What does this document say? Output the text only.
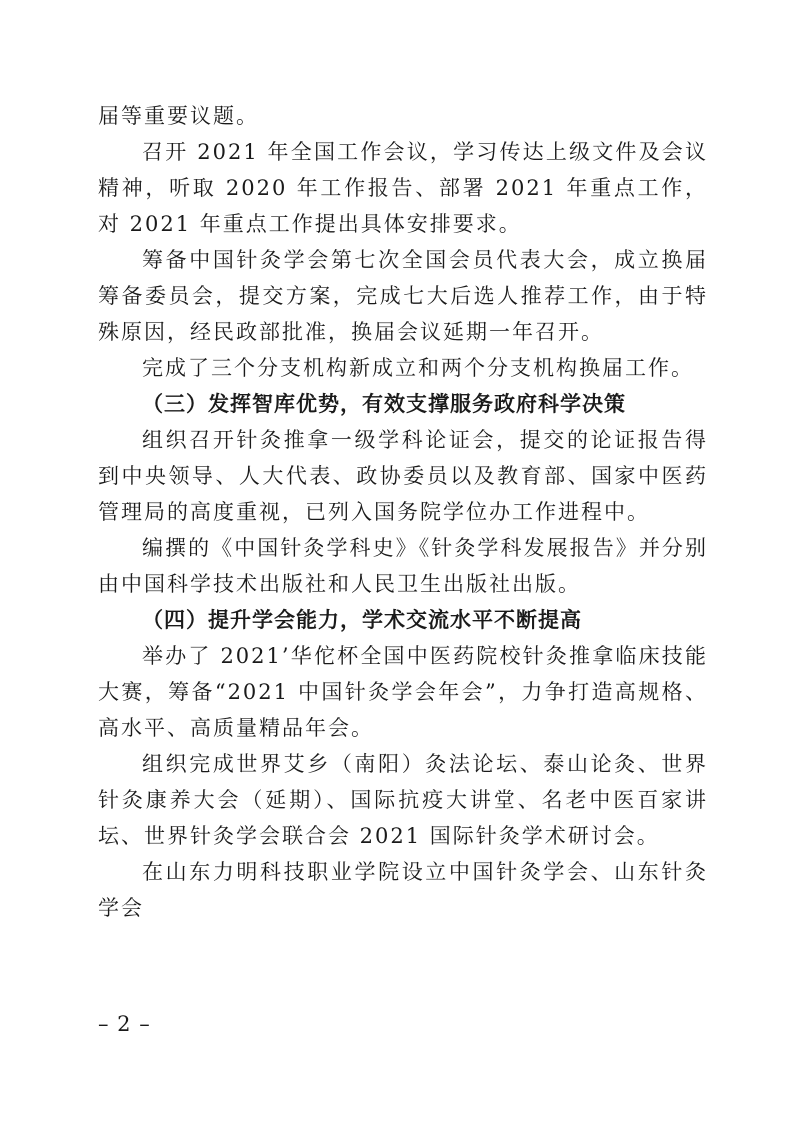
届等重要议题。

召开 2021 年全国工作会议，学习传达上级文件及会议精神，听取 2020 年工作报告、部署 2021 年重点工作，对 2021 年重点工作提出具体安排要求。

筹备中国针灸学会第七次全国会员代表大会，成立换届筹备委员会，提交方案，完成七大后选人推荐工作，由于特殊原因，经民政部批准，换届会议延期一年召开。

完成了三个分支机构新成立和两个分支机构换届工作。

（三）发挥智库优势，有效支撑服务政府科学决策

组织召开针灸推拿一级学科论证会，提交的论证报告得到中央领导、人大代表、政协委员以及教育部、国家中医药管理局的高度重视，已列入国务院学位办工作进程中。

编撰的《中国针灸学科史》《针灸学科发展报告》并分别由中国科学技术出版社和人民卫生出版社出版。

（四）提升学会能力，学术交流水平不断提高

举办了 2021’华佗杯全国中医药院校针灸推拿临床技能大赛，筹备“2021 中国针灸学会年会”，力争打造高规格、高水平、高质量精品年会。

组织完成世界艾乡（南阳）灸法论坛、泰山论灸、世界针灸康养大会（延期）、国际抗疫大讲堂、名老中医百家讲坛、世界针灸学会联合会 2021 国际针灸学术研讨会。

在山东力明科技职业学院设立中国针灸学会、山东针灸学会

– 2 –
